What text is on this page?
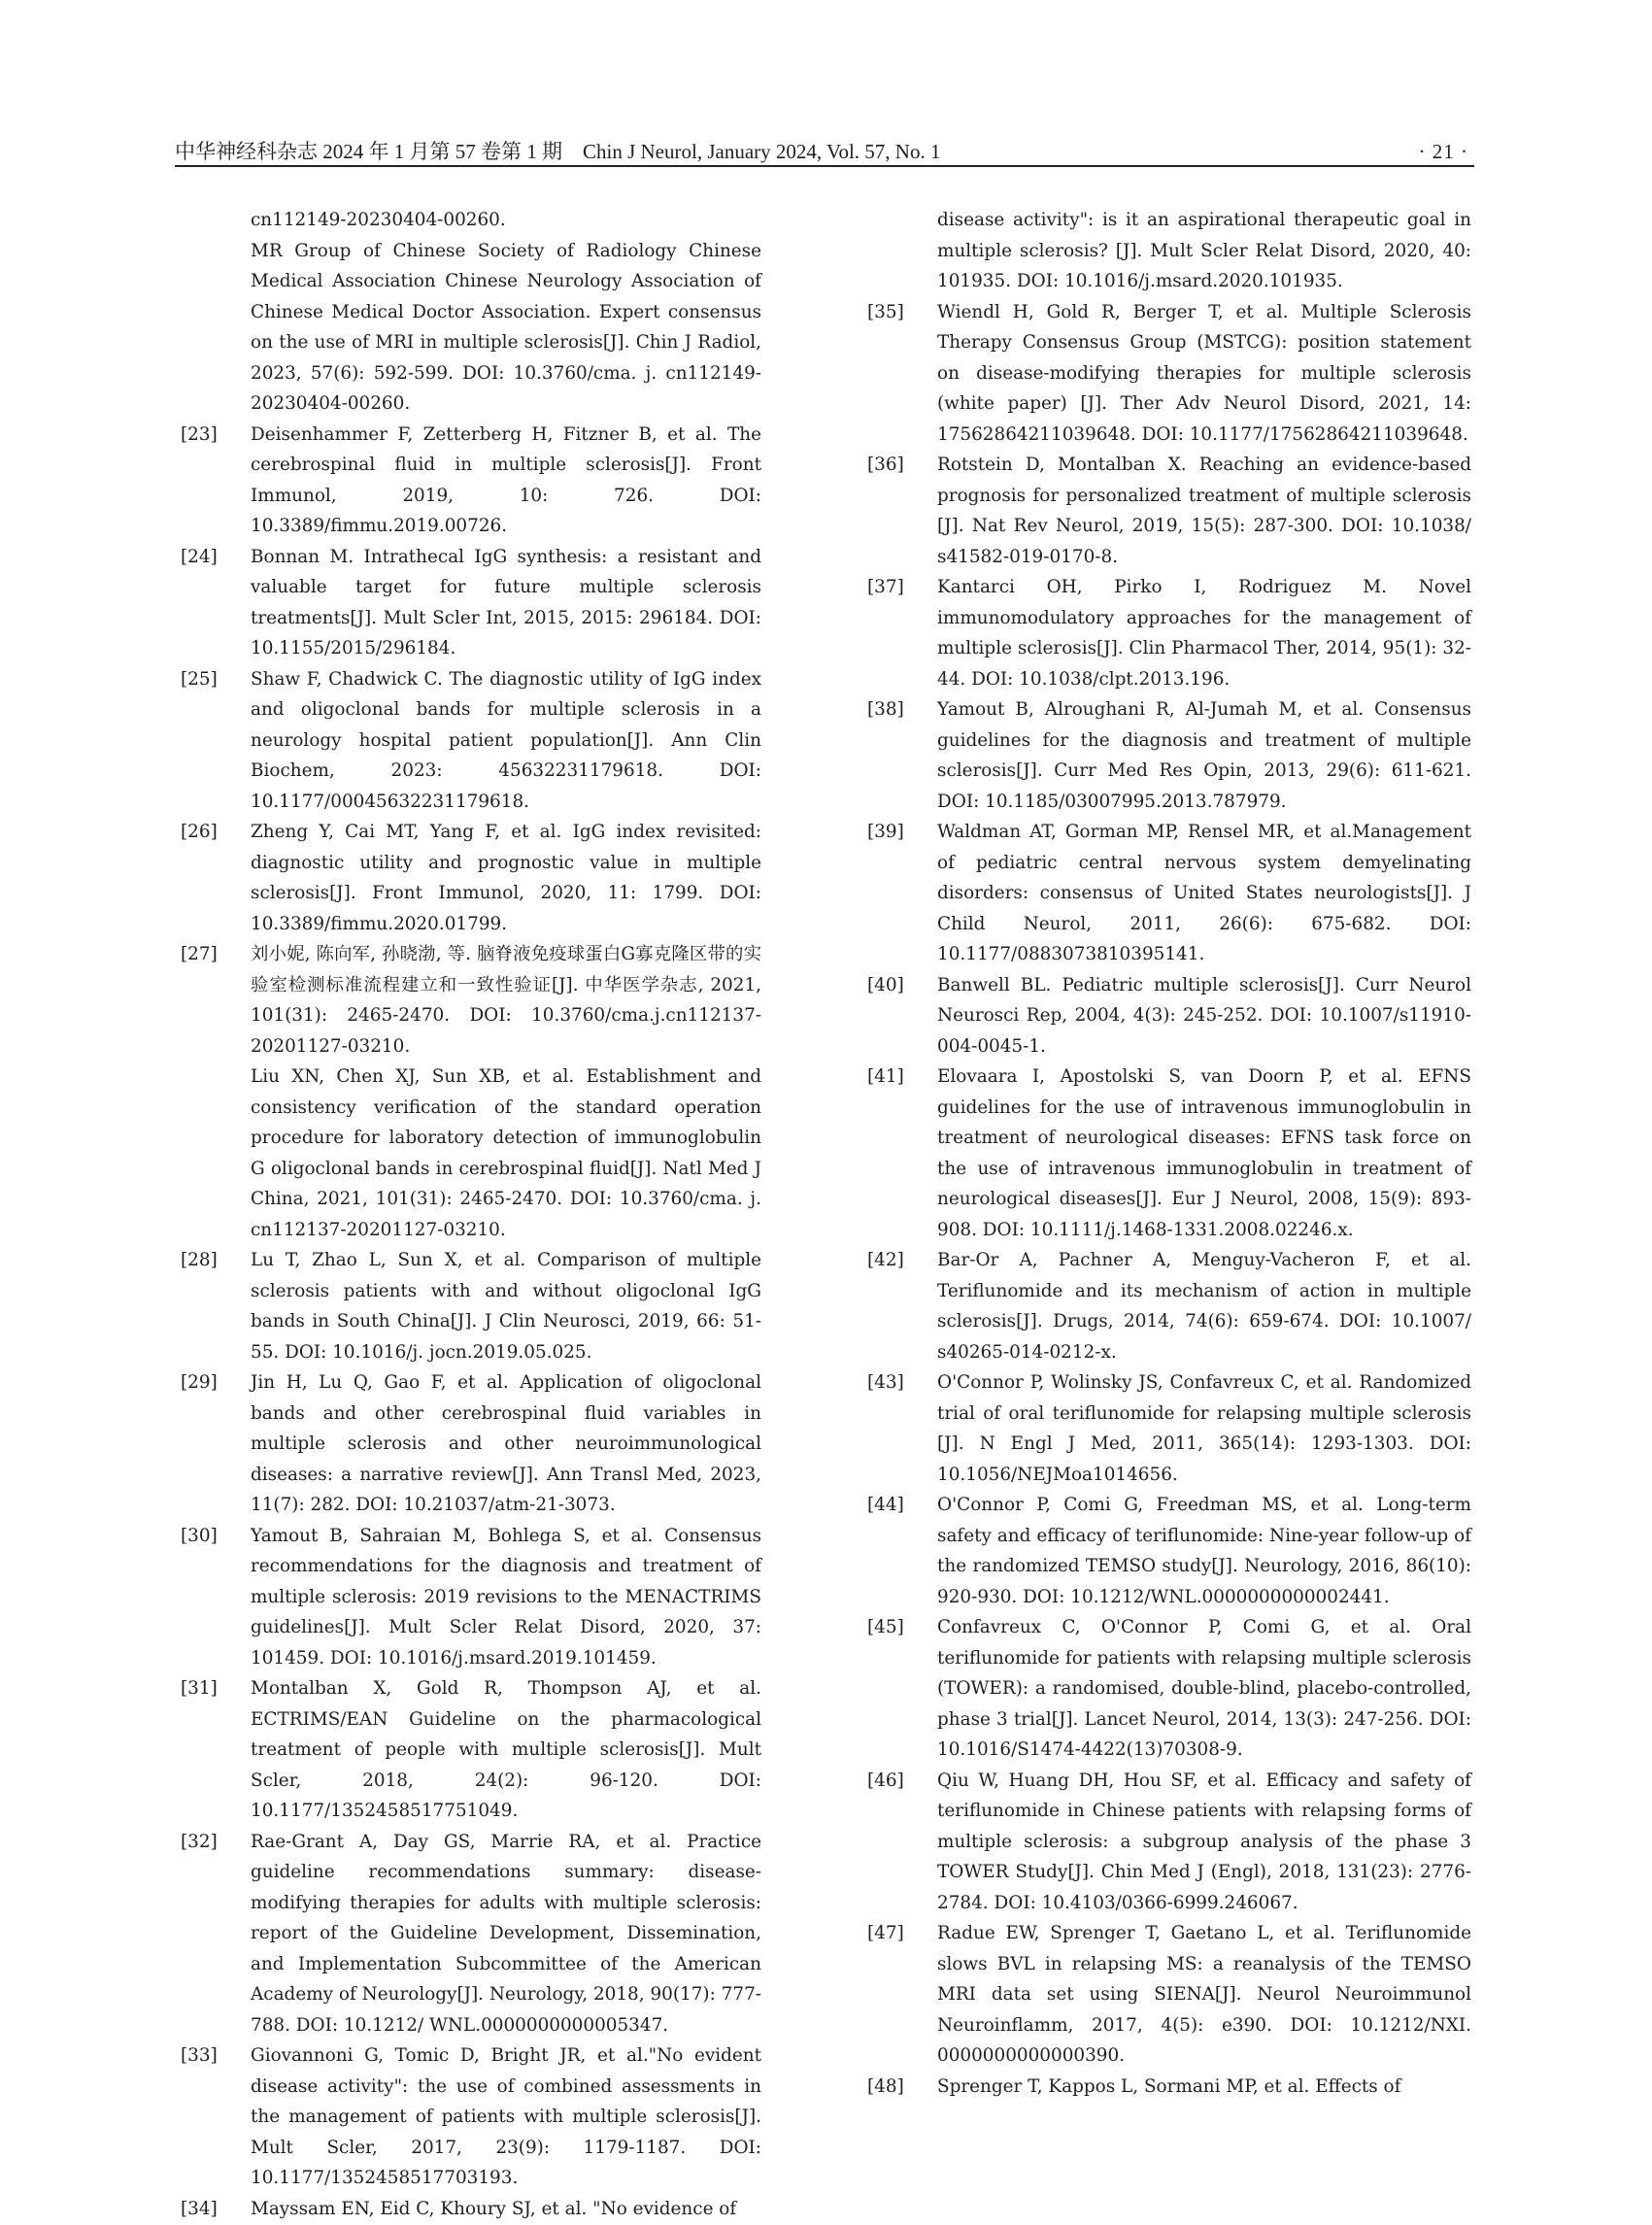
中华神经科杂志 2024 年 1 月第 57 卷第 1 期　Chin J Neurol, January 2024, Vol. 57, No. 1	· 21 ·

cn112149-20230404-00260.

MR Group of Chinese Society of Radiology Chinese Medical Association Chinese Neurology Association of Chinese Medical Doctor Association. Expert consensus on the use of MRI in multiple sclerosis[J]. Chin J Radiol, 2023, 57(6): 592-599. DOI: 10.3760/cma. j. cn112149-20230404-00260.

[23]	Deisenhammer F, Zetterberg H, Fitzner B, et al. The cerebrospinal fluid in multiple sclerosis[J]. Front Immunol, 2019, 10: 726. DOI: 10.3389/fimmu.2019.00726.

[24]	Bonnan M. Intrathecal IgG synthesis: a resistant and valuable target for future multiple sclerosis treatments[J]. Mult Scler Int, 2015, 2015: 296184. DOI: 10.1155/2015/296184.

[25]	Shaw F, Chadwick C. The diagnostic utility of IgG index and oligoclonal bands for multiple sclerosis in a neurology hospital patient population[J]. Ann Clin Biochem, 2023: 45632231179618. DOI: 10.1177/00045632231179618.

[26]	Zheng Y, Cai MT, Yang F, et al. IgG index revisited: diagnostic utility and prognostic value in multiple sclerosis[J]. Front Immunol, 2020, 11: 1799. DOI: 10.3389/fimmu.2020.01799.

[27]	刘小妮, 陈向军, 孙晓渤, 等. 脑脊液免疫球蛋白G寡克隆区带的实验室检测标准流程建立和一致性验证[J]. 中华医学杂志, 2021, 101(31): 2465-2470. DOI: 10.3760/cma.j.cn112137-20201127-03210.

Liu XN, Chen XJ, Sun XB, et al. Establishment and consistency verification of the standard operation procedure for laboratory detection of immunoglobulin G oligoclonal bands in cerebrospinal fluid[J]. Natl Med J China, 2021, 101(31): 2465-2470. DOI: 10.3760/cma. j. cn112137-20201127-03210.

[28]	Lu T, Zhao L, Sun X, et al. Comparison of multiple sclerosis patients with and without oligoclonal IgG bands in South China[J]. J Clin Neurosci, 2019, 66: 51-55. DOI: 10.1016/j. jocn.2019.05.025.

[29]	Jin H, Lu Q, Gao F, et al. Application of oligoclonal bands and other cerebrospinal fluid variables in multiple sclerosis and other neuroimmunological diseases: a narrative review[J]. Ann Transl Med, 2023, 11(7): 282. DOI: 10.21037/atm-21-3073.

[30]	Yamout B, Sahraian M, Bohlega S, et al. Consensus recommendations for the diagnosis and treatment of multiple sclerosis: 2019 revisions to the MENACTRIMS guidelines[J]. Mult Scler Relat Disord, 2020, 37: 101459. DOI: 10.1016/j.msard.2019.101459.

[31]	Montalban X, Gold R, Thompson AJ, et al. ECTRIMS/EAN Guideline on the pharmacological treatment of people with multiple sclerosis[J]. Mult Scler, 2018, 24(2): 96-120. DOI: 10.1177/1352458517751049.

[32]	Rae-Grant A, Day GS, Marrie RA, et al. Practice guideline recommendations summary: disease-modifying therapies for adults with multiple sclerosis: report of the Guideline Development, Dissemination, and Implementation Subcommittee of the American Academy of Neurology[J]. Neurology, 2018, 90(17): 777-788. DOI: 10.1212/ WNL.0000000000005347.

[33]	Giovannoni G, Tomic D, Bright JR, et al."No evident disease activity": the use of combined assessments in the management of patients with multiple sclerosis[J]. Mult Scler, 2017, 23(9): 1179-1187. DOI: 10.1177/1352458517703193.

[34]	Mayssam EN, Eid C, Khoury SJ, et al. "No evidence of

disease activity": is it an aspirational therapeutic goal in multiple sclerosis? [J]. Mult Scler Relat Disord, 2020, 40: 101935. DOI: 10.1016/j.msard.2020.101935.

[35]	Wiendl H, Gold R, Berger T, et al. Multiple Sclerosis Therapy Consensus Group (MSTCG): position statement on disease-modifying therapies for multiple sclerosis (white paper) [J]. Ther Adv Neurol Disord, 2021, 14: 17562864211039648. DOI: 10.1177/17562864211039648.

[36]	Rotstein D, Montalban X. Reaching an evidence-based prognosis for personalized treatment of multiple sclerosis [J]. Nat Rev Neurol, 2019, 15(5): 287-300. DOI: 10.1038/ s41582-019-0170-8.

[37]	Kantarci OH, Pirko I, Rodriguez M. Novel immunomodulatory approaches for the management of multiple sclerosis[J]. Clin Pharmacol Ther, 2014, 95(1): 32-44. DOI: 10.1038/clpt.2013.196.

[38]	Yamout B, Alroughani R, Al-Jumah M, et al. Consensus guidelines for the diagnosis and treatment of multiple sclerosis[J]. Curr Med Res Opin, 2013, 29(6): 611-621. DOI: 10.1185/03007995.2013.787979.

[39]	Waldman AT, Gorman MP, Rensel MR, et al.Management of pediatric central nervous system demyelinating disorders: consensus of United States neurologists[J]. J Child Neurol, 2011, 26(6): 675-682. DOI: 10.1177/0883073810395141.

[40]	Banwell BL. Pediatric multiple sclerosis[J]. Curr Neurol Neurosci Rep, 2004, 4(3): 245-252. DOI: 10.1007/s11910-004-0045-1.

[41]	Elovaara I, Apostolski S, van Doorn P, et al. EFNS guidelines for the use of intravenous immunoglobulin in treatment of neurological diseases: EFNS task force on the use of intravenous immunoglobulin in treatment of neurological diseases[J]. Eur J Neurol, 2008, 15(9): 893-908. DOI: 10.1111/j.1468-1331.2008.02246.x.

[42]	Bar-Or A, Pachner A, Menguy-Vacheron F, et al. Teriflunomide and its mechanism of action in multiple sclerosis[J]. Drugs, 2014, 74(6): 659-674. DOI: 10.1007/ s40265-014-0212-x.

[43]	O'Connor P, Wolinsky JS, Confavreux C, et al. Randomized trial of oral teriflunomide for relapsing multiple sclerosis [J]. N Engl J Med, 2011, 365(14): 1293-1303. DOI: 10.1056/NEJMoa1014656.

[44]	O'Connor P, Comi G, Freedman MS, et al. Long-term safety and efficacy of teriflunomide: Nine-year follow-up of the randomized TEMSO study[J]. Neurology, 2016, 86(10): 920-930. DOI: 10.1212/WNL.0000000000002441.

[45]	Confavreux C, O'Connor P, Comi G, et al. Oral teriflunomide for patients with relapsing multiple sclerosis (TOWER): a randomised, double-blind, placebo-controlled, phase 3 trial[J]. Lancet Neurol, 2014, 13(3): 247-256. DOI: 10.1016/S1474-4422(13)70308-9.

[46]	Qiu W, Huang DH, Hou SF, et al. Efficacy and safety of teriflunomide in Chinese patients with relapsing forms of multiple sclerosis: a subgroup analysis of the phase 3 TOWER Study[J]. Chin Med J (Engl), 2018, 131(23): 2776-2784. DOI: 10.4103/0366-6999.246067.

[47]	Radue EW, Sprenger T, Gaetano L, et al. Teriflunomide slows BVL in relapsing MS: a reanalysis of the TEMSO MRI data set using SIENA[J]. Neurol Neuroimmunol Neuroinflamm, 2017, 4(5): e390. DOI: 10.1212/NXI. 0000000000000390.

[48]	Sprenger T, Kappos L, Sormani MP, et al. Effects of
